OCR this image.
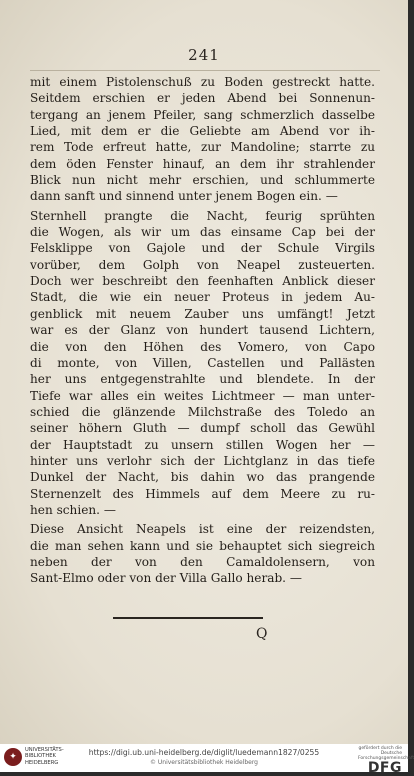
241
mit einem Pistolenschuß zu Boden gestreckt hatte.
Seitdem erschien er jeden Abend bei Sonnenun-
tergang an jenem Pfeiler, sang schmerzlich dasselbe
Lied, mit dem er die Geliebte am Abend vor ih-
rem Tode erfreut hatte, zur Mandoline; starrte zu
dem öden Fenster hinauf, an dem ihr strahlender
Blick nun nicht mehr erschien, und schlummerte
dann sanft und sinnend unter jenem Bogen ein. —
Sternhell prangte die Nacht, feurig sprühten
die Wogen, als wir um das einsame Cap bei der
Felsklippe von Gajole und der Schule Virgils
vorüber, dem Golph von Neapel zusteuerten.
Doch wer beschreibt den feenhaften Anblick dieser
Stadt, die wie ein neuer Proteus in jedem Au-
genblick mit neuem Zauber uns umfängt! Jetzt
war es der Glanz von hundert tausend Lichtern,
die von den Höhen des Vomero, von Capo
di monte, von Villen, Castellen und Pallästen
her uns entgegenstrahlte und blendete. In der
Tiefe war alles ein weites Lichtmeer — man unter-
schied die glänzende Milchstraße des Toledo an
seiner höhern Gluth — dumpf scholl das Gewühl
der Hauptstadt zu unsern stillen Wogen her —
hinter uns verlohr sich der Lichtglanz in das tiefe
Dunkel der Nacht, bis dahin wo das prangende
Sternenzelt des Himmels auf dem Meere zu ru-
hen schien. —
Diese Ansicht Neapels ist eine der reizendsten,
die man sehen kann und sie behauptet sich siegreich
neben der von den Camaldolensern, von
Sant-Elmo oder von der Villa Gallo herab. —
Q
✦
UNIVERSITÄTS-
BIBLIOTHEK
HEIDELBERG
https://digi.ub.uni-heidelberg.de/diglit/luedemann1827/0255
© Universitätsbibliothek Heidelberg
gefördert durch die
Deutsche
Forschungsgemeinschaft
DFG
